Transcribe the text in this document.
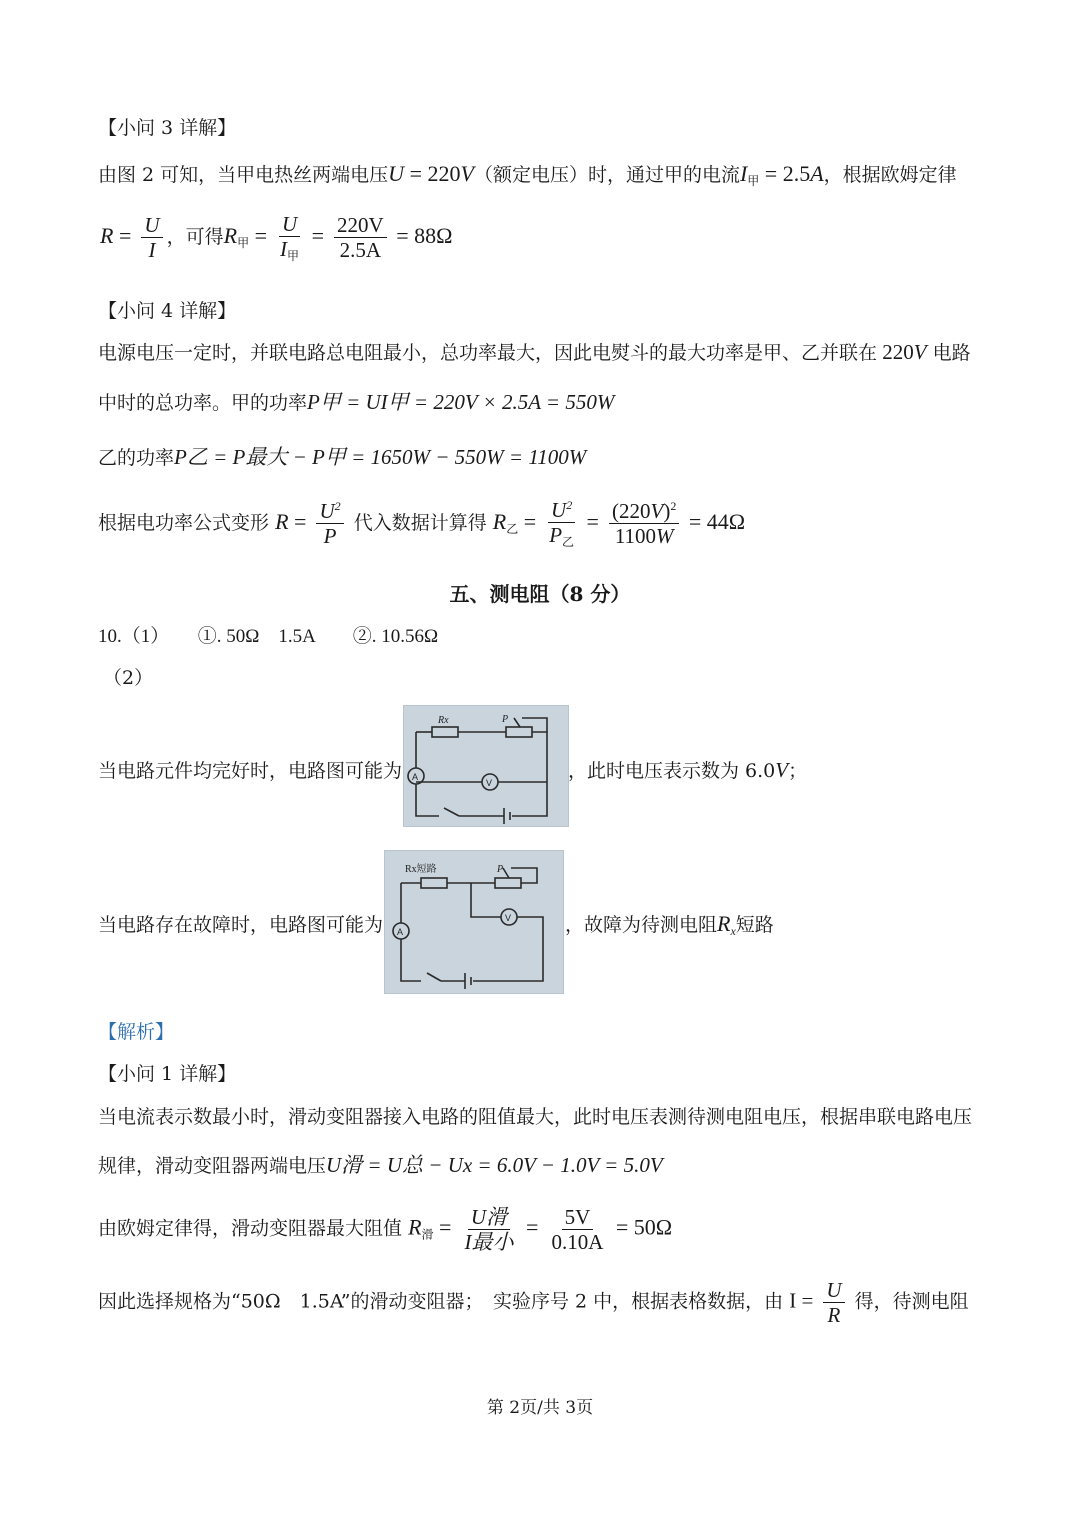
【小问 3 详解】
由图 2 可知，当甲电热丝两端电压U = 220V（额定电压）时，通过甲的电流$I_甲 = 2.5A$，根据欧姆定律
$R = \frac{U}{I}$ ，可得$R_甲 = \frac{U}{I_甲} = \frac{220V}{2.5A} = 88\Omega$
【小问 4 详解】
电源电压一定时，并联电路总电阻最小，总功率最大，因此电熨斗的最大功率是甲、乙并联在 220V 电路
中时的总功率。甲的功率P甲 = UI甲 = 220V × 2.5A = 550W
乙的功率P乙 = P最大 − P甲 = 1650W − 550W = 1100W
根据电功率公式变形 $R = \frac{U^2}{P}$ 代入数据计算得 $R_乙 = \frac{U^2}{P_乙} = \frac{(220V)^2}{1100W} = 44\Omega$
五、测电阻（8 分）
10.（1）　　①. 50Ω　1.5A　　②. 10.56Ω
（2）
当电路元件均完好时，电路图可能为
Rx	P
A
V
，此时电压表示数为 6.0V；
当电路存在故障时，电路图可能为
Rx短路	P
A
V	，故障为待测电阻$R_x$短路
【解析】
【小问 1 详解】
当电流表示数最小时，滑动变阻器接入电路的阻值最大，此时电压表测待测电阻电压，根据串联电路电压
规律，滑动变阻器两端电压U滑 = U总 − Ux = 6.0V − 1.0V = 5.0V
由欧姆定律得，滑动变阻器最大阻值 $R_滑 = \frac{\text{U滑}}{\text{I最小}} = \frac{5V}{0.10A} = 50\Omega$
因此选择规格为“50Ω　1.5A”的滑动变阻器；　实验序号 2 中，根据表格数据，由 $I = \frac{U}{R}$ 得，待测电阻
第 2页/共 3页
